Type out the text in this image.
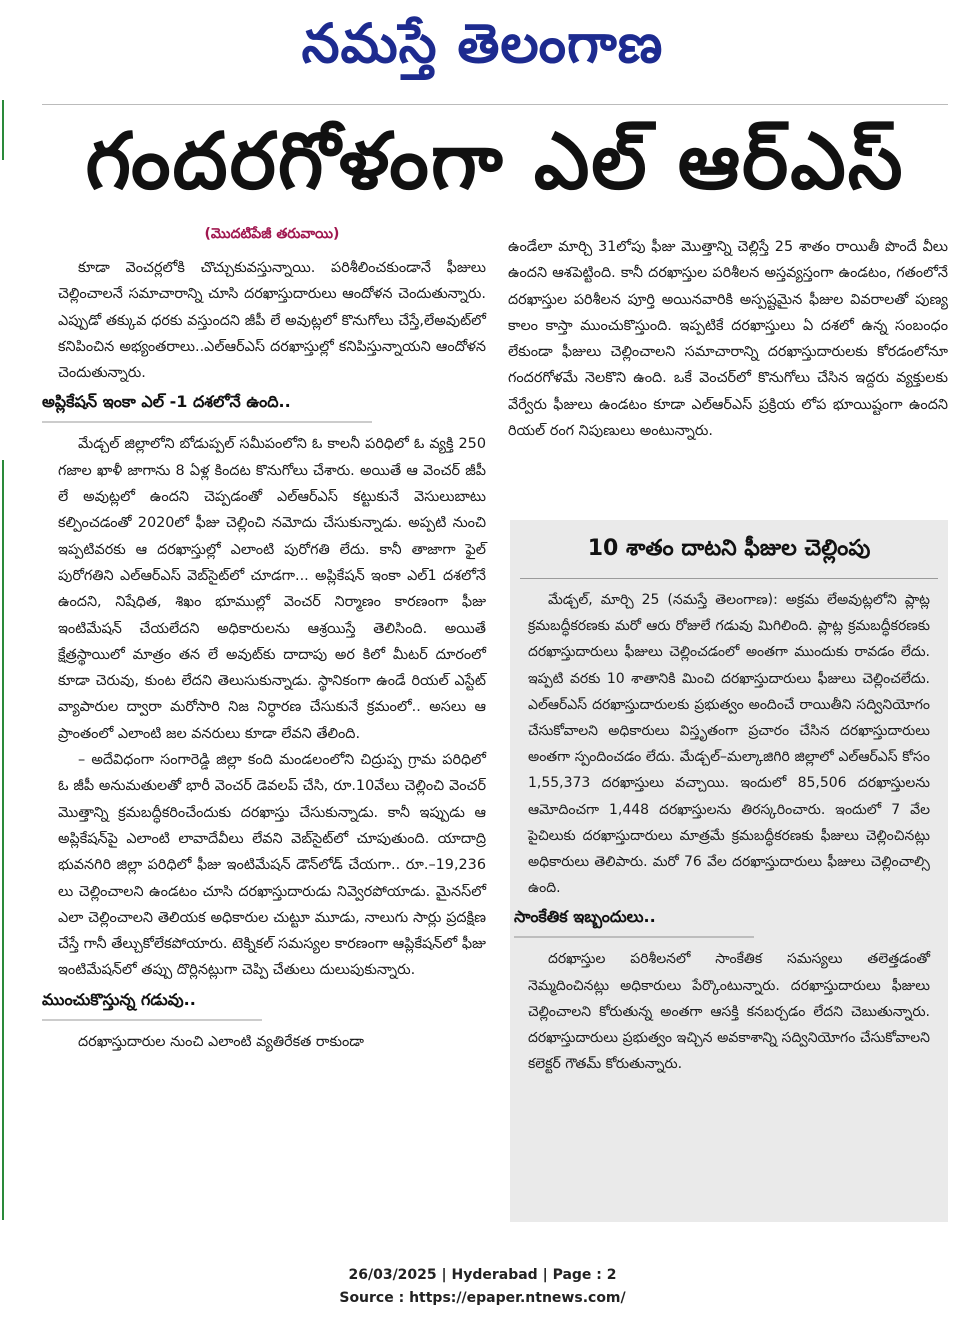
నమస్తే తెలంగాణ
గందరగోళంగా ఎల్ ఆర్ఎస్
(మొదటిపేజీ తరువాయి)

కూడా వెంచర్లలోకి చొచ్చుకువస్తున్నాయి. పరిశీలించకుండానే ఫీజులు చెల్లించాలనే సమాచారాన్ని చూసి దరఖాస్తుదారులు ఆందోళన చెందుతున్నారు. ఎప్పుడో తక్కువ ధరకు వస్తుందని జీపీ లే అవుట్లలో కొనుగోలు చేస్తే,లేఅవుట్‌లో కనిపించిన అభ్యంతరాలు..ఎల్ఆర్ఎస్ దరఖాస్తుల్లో కనిపిస్తున్నాయని ఆందోళన చెందుతున్నారు.

అప్లికేషన్ ఇంకా ఎల్ -1 దశలోనే ఉంది..

మేడ్చల్ జిల్లాలోని బోడుప్పల్ సమీపంలోని ఓ కాలనీ పరిధిలో ఓ వ్యక్తి 250 గజాల ఖాళీ జాగాను 8 ఏళ్ల కిందట కొనుగోలు చేశారు. అయితే ఆ వెంచర్ జీపీ లే అవుట్లలో ఉందని చెప్పడంతో ఎల్ఆర్ఎస్ కట్టుకునే వెసులుబాటు కల్పించడంతో 2020లో ఫీజు చెల్లించి నమోదు చేసుకున్నాడు. అప్పటి నుంచి ఇప్పటివరకు ఆ దరఖాస్తుల్లో ఎలాంటి పురోగతి లేదు. కానీ తాజాగా ఫైల్ పురోగతిని ఎల్ఆర్ఎస్ వెబ్‌సైట్‌లో చూడగా... అప్లికేషన్ ఇంకా ఎల్1 దశలోనే ఉందని, నిషేధిత, శిఖం భూముల్లో వెంచర్ నిర్మాణం కారణంగా ఫీజు ఇంటిమేషన్ చేయలేదని అధికారులను ఆశ్రయిస్తే తెలిసింది. అయితే క్షేత్రస్థాయిలో మాత్రం తన లే అవుట్‌కు దాదాపు అర కిలో మీటర్ దూరంలో కూడా చెరువు, కుంట లేదని తెలుసుకున్నాడు. స్థానికంగా ఉండే రియల్ ఎస్టేట్ వ్యాపారుల ద్వారా మరోసారి నిజ నిర్ధారణ చేసుకునే క్రమంలో.. అసలు ఆ ప్రాంతంలో ఎలాంటి జల వనరులు కూడా లేవని తేలింది.

– అదేవిధంగా సంగారెడ్డి జిల్లా కంది మండలంలోని చిద్రుప్ప గ్రామ పరిధిలో ఓ జీపీ అనుమతులతో భారీ వెంచర్ డెవలప్ చేసి, రూ.10వేలు చెల్లించి వెంచర్ మొత్తాన్ని క్రమబద్ధీకరించేందుకు దరఖాస్తు చేసుకున్నాడు. కానీ ఇప్పుడు ఆ అప్లికేషన్‌పై ఎలాంటి లావాదేవీలు లేవని వెబ్‌సైట్‌లో చూపుతుంది. యాదాద్రి భువనగిరి జిల్లా పరిధిలో ఫీజు ఇంటిమేషన్ డౌన్‌లోడ్ చేయగా.. రూ.–19,236 లు చెల్లించాలని ఉండటం చూసి దరఖాస్తుదారుడు నివ్వెరపోయాడు. మైనస్‌లో ఎలా చెల్లించాలని తెలియక అధికారుల చుట్టూ మూడు, నాలుగు సార్లు ప్రదక్షిణ చేస్తే గానీ తేల్చుకోలేకపోయారు. టెక్నికల్ సమస్యల కారణంగా ఆప్లికేషన్‌లో ఫీజు ఇంటిమేషన్‌లో తప్పు దొర్లినట్లుగా చెప్పి చేతులు దులుపుకున్నారు.

ముంచుకొస్తున్న గడువు..

దరఖాస్తుదారుల నుంచి ఎలాంటి వ్యతిరేకత రాకుండా

ఉండేలా మార్చి 31లోపు ఫీజు మొత్తాన్ని చెల్లిస్తే 25 శాతం రాయితీ పొందే వీలు ఉందని ఆశపెట్టింది. కానీ దరఖాస్తుల పరిశీలన అస్తవ్యస్తంగా ఉండటం, గతంలోనే దరఖాస్తుల పరిశీలన పూర్తి అయినవారికి అస్పష్టమైన ఫీజుల వివరాలతో పుణ్య కాలం కాస్తా ముంచుకొస్తుంది. ఇప్పటికే దరఖాస్తులు ఏ దశలో ఉన్న సంబంధం లేకుండా ఫీజులు చెల్లించాలని సమాచారాన్ని దరఖాస్తుదారులకు కోరడంలోనూ గందరగోళమే నెలకొని ఉంది. ఒకే వెంచర్‌లో కొనుగోలు చేసిన ఇద్దరు వ్యక్తులకు వేర్వేరు ఫీజులు ఉండటం కూడా ఎల్ఆర్ఎస్ ప్రక్రియ లోప భూయిష్టంగా ఉందని రియల్ రంగ నిపుణులు అంటున్నారు.

10 శాతం దాటని ఫీజుల చెల్లింపు

మేడ్చల్, మార్చి 25 (నమస్తే తెలంగాణ): అక్రమ లేఅవుట్లలోని ప్లాట్ల క్రమబద్ధీకరణకు మరో ఆరు రోజులే గడువు మిగిలింది. ప్లాట్ల క్రమబద్ధీకరణకు దరఖాస్తుదారులు ఫీజులు చెల్లించడంలో అంతగా ముందుకు రావడం లేదు. ఇప్పటి వరకు 10 శాతానికి మించి దరఖాస్తుదారులు ఫీజులు చెల్లించలేదు. ఎల్ఆర్ఎస్ దరఖాస్తుదారులకు ప్రభుత్వం అందించే రాయితీని సద్వినియోగం చేసుకోవాలని అధికారులు విస్తృతంగా ప్రచారం చేసిన దరఖాస్తుదారులు అంతగా స్పందించడం లేదు. మేడ్చల్–మల్కాజిగిరి జిల్లాలో ఎల్ఆర్ఎస్ కోసం 1,55,373 దరఖాస్తులు వచ్చాయి. ఇందులో 85,506 దరఖాస్తులను ఆమోదించగా 1,448 దరఖాస్తులను తిరస్కరించారు. ఇందులో 7 వేల పైచిలుకు దరఖాస్తుదారులు మాత్రమే క్రమబద్ధీకరణకు ఫీజులు చెల్లించినట్లు అధికారులు తెలిపారు. మరో 76 వేల దరఖాస్తుదారులు ఫీజులు చెల్లించాల్సి ఉంది.

సాంకేతిక ఇబ్బందులు..

దరఖాస్తుల పరిశీలనలో సాంకేతిక సమస్యలు తలెత్తడంతో నెమ్మదించినట్లు అధికారులు పేర్కొంటున్నారు. దరఖాస్తుదారులు ఫీజులు చెల్లించాలని కోరుతున్న అంతగా ఆసక్తి కనబర్చడం లేదని చెబుతున్నారు. దరఖాస్తుదారులు ప్రభుత్వం ఇచ్చిన అవకాశాన్ని సద్వినియోగం చేసుకోవాలని కలెక్టర్ గౌతమ్ కోరుతున్నారు.

26/03/2025 | Hyderabad | Page : 2
Source : https://epaper.ntnews.com/
